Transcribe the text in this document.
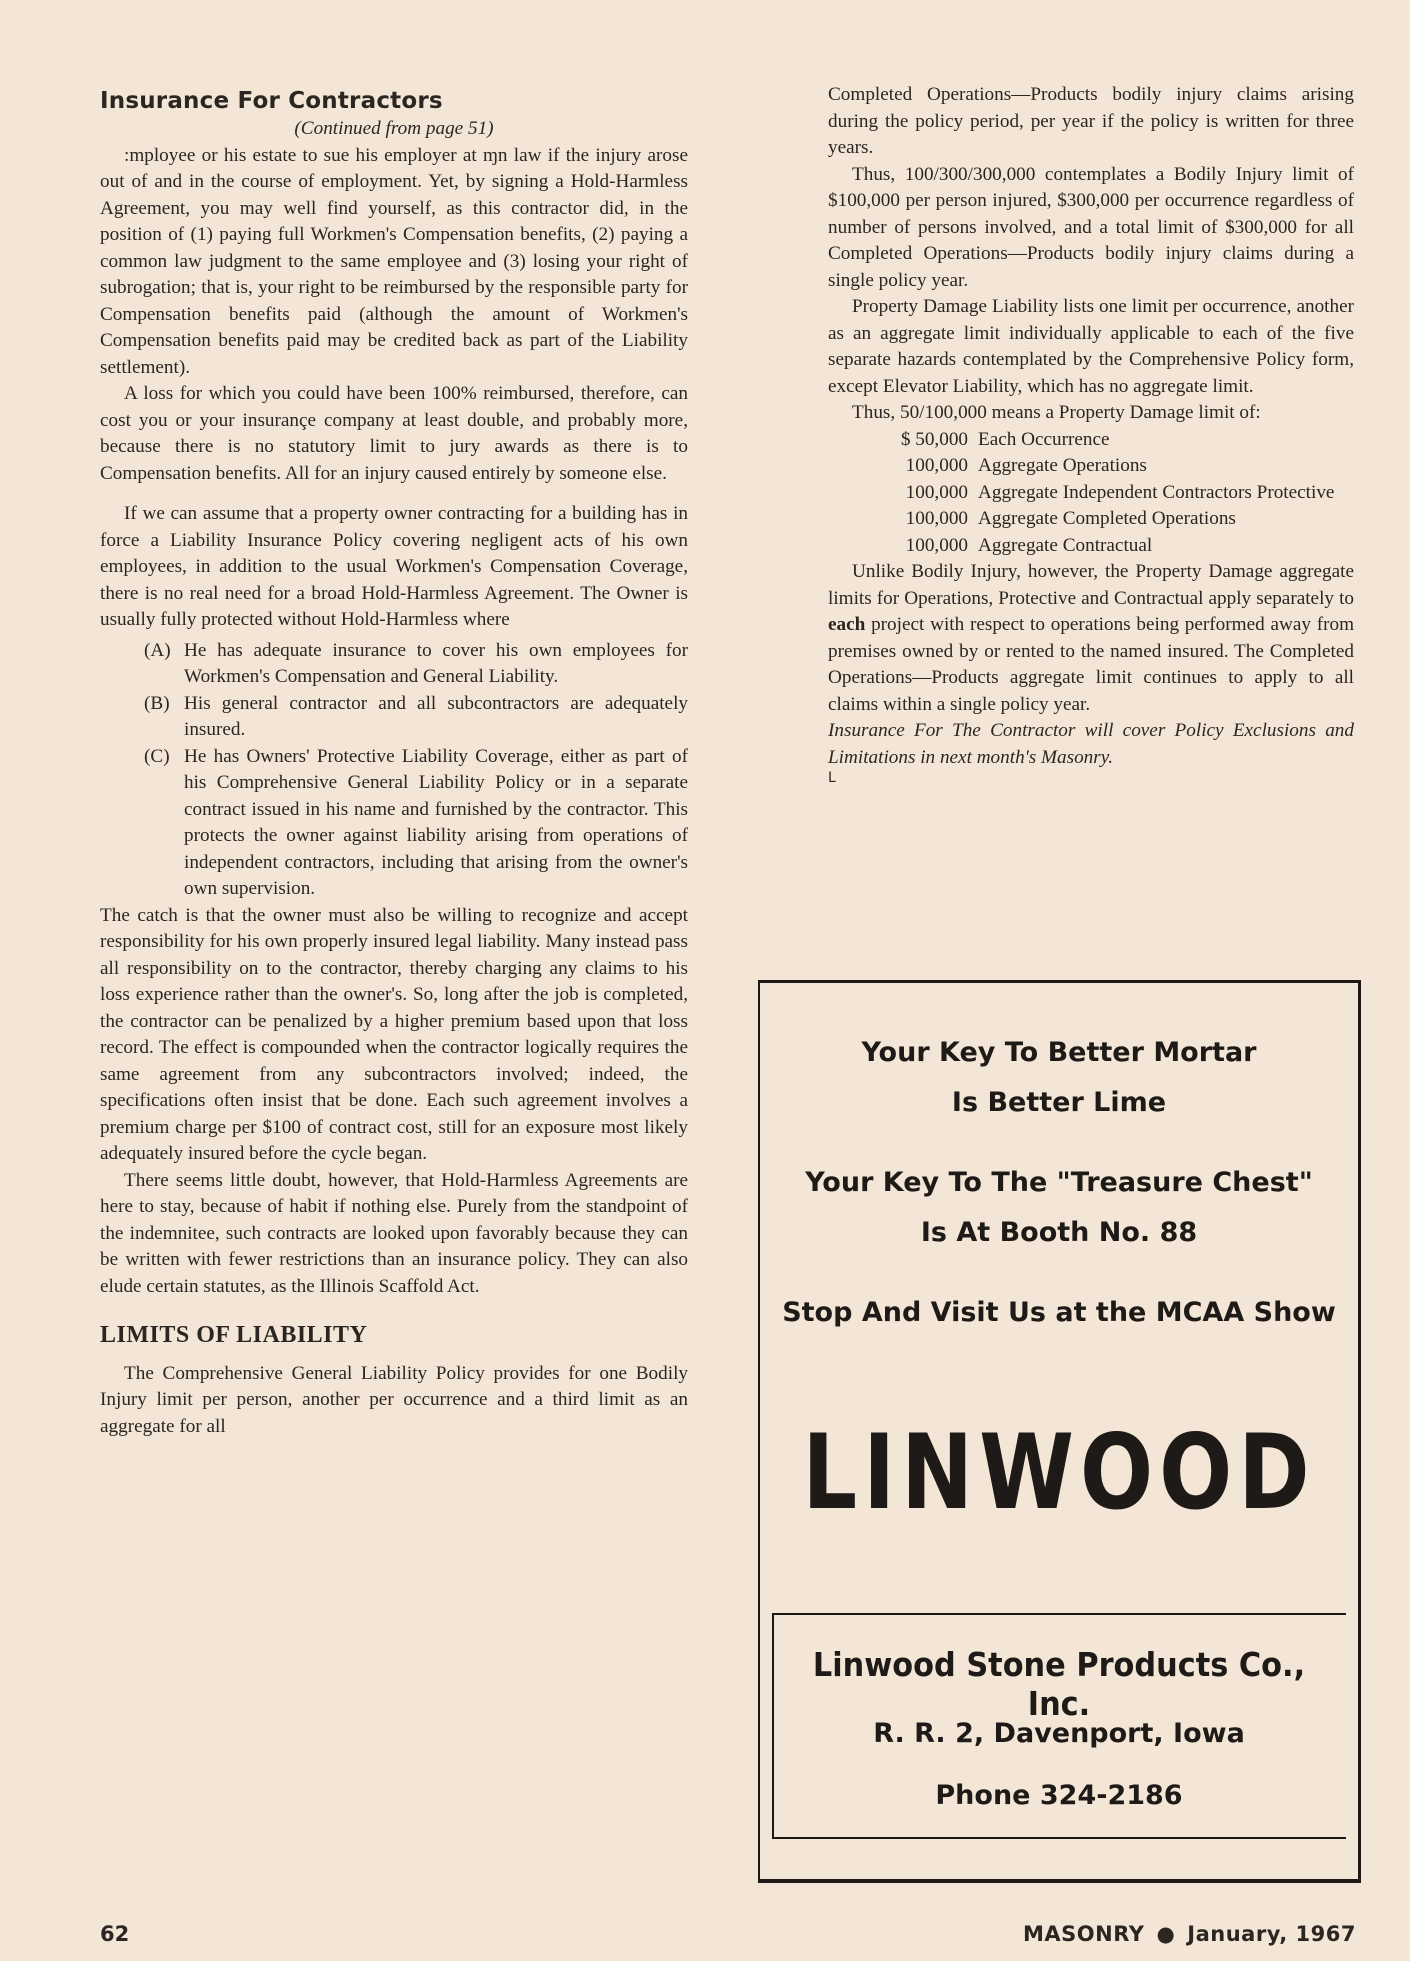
Insurance For Contractors

(Continued from page 51)

:mployee or his estate to sue his employer at ɱn law if the injury arose out of and in the course of employment. Yet, by signing a Hold-Harmless Agreement, you may well find yourself, as this contractor did, in the position of (1) paying full Workmen's Compensation benefits, (2) paying a common law judgment to the same employee and (3) losing your right of subrogation; that is, your right to be reimbursed by the responsible party for Compensation benefits paid (although the amount of Workmen's Compensation benefits paid may be credited back as part of the Liability settlement).

A loss for which you could have been 100% reimbursed, therefore, can cost you or your insurançe company at least double, and probably more, because there is no statutory limit to jury awards as there is to Compensation benefits. All for an injury caused entirely by someone else.

If we can assume that a property owner contracting for a building has in force a Liability Insurance Policy covering negligent acts of his own employees, in addition to the usual Workmen's Compensation Coverage, there is no real need for a broad Hold-Harmless Agreement. The Owner is usually fully protected without Hold-Harmless where

(A) He has adequate insurance to cover his own employees for Workmen's Compensation and General Liability.
(B) His general contractor and all subcontractors are adequately insured.
(C) He has Owners' Protective Liability Coverage, either as part of his Comprehensive General Liability Policy or in a separate contract issued in his name and furnished by the contractor. This protects the owner against liability arising from operations of independent contractors, including that arising from the owner's own supervision.

The catch is that the owner must also be willing to recognize and accept responsibility for his own properly insured legal liability. Many instead pass all responsibility on to the contractor, thereby charging any claims to his loss experience rather than the owner's. So, long after the job is completed, the contractor can be penalized by a higher premium based upon that loss record. The effect is compounded when the contractor logically requires the same agreement from any subcontractors involved; indeed, the specifications often insist that be done. Each such agreement involves a premium charge per $100 of contract cost, still for an exposure most likely adequately insured before the cycle began.

There seems little doubt, however, that Hold-Harmless Agreements are here to stay, because of habit if nothing else. Purely from the standpoint of the indemnitee, such contracts are looked upon favorably because they can be written with fewer restrictions than an insurance policy. They can also elude certain statutes, as the Illinois Scaffold Act.

LIMITS OF LIABILITY

The Comprehensive General Liability Policy provides for one Bodily Injury limit per person, another per occurrence and a third limit as an aggregate for all

Completed Operations—Products bodily injury claims arising during the policy period, per year if the policy is written for three years.

Thus, 100/300/300,000 contemplates a Bodily Injury limit of $100,000 per person injured, $300,000 per occurrence regardless of number of persons involved, and a total limit of $300,000 for all Completed Operations—Products bodily injury claims during a single policy year.

Property Damage Liability lists one limit per occurrence, another as an aggregate limit individually applicable to each of the five separate hazards contemplated by the Comprehensive Policy form, except Elevator Liability, which has no aggregate limit.

Thus, 50/100,000 means a Property Damage limit of:

$ 50,000 Each Occurrence
100,000 Aggregate Operations
100,000 Aggregate Independent Contractors Protective
100,000 Aggregate Completed Operations
100,000 Aggregate Contractual

Unlike Bodily Injury, however, the Property Damage aggregate limits for Operations, Protective and Contractual apply separately to each project with respect to operations being performed away from premises owned by or rented to the named insured. The Completed Operations—Products aggregate limit continues to apply to all claims within a single policy year.

Insurance For The Contractor will cover Policy Exclusions and Limitations in next month's Masonry.

L

Your Key To Better Mortar
Is Better Lime
Your Key To The "Treasure Chest"
Is At Booth No. 88
Stop And Visit Us at the MCAA Show
LINWOOD
Linwood Stone Products Co., Inc.
R. R. 2, Davenport, Iowa
Phone 324-2186
62	MASONRY ● January, 1967
